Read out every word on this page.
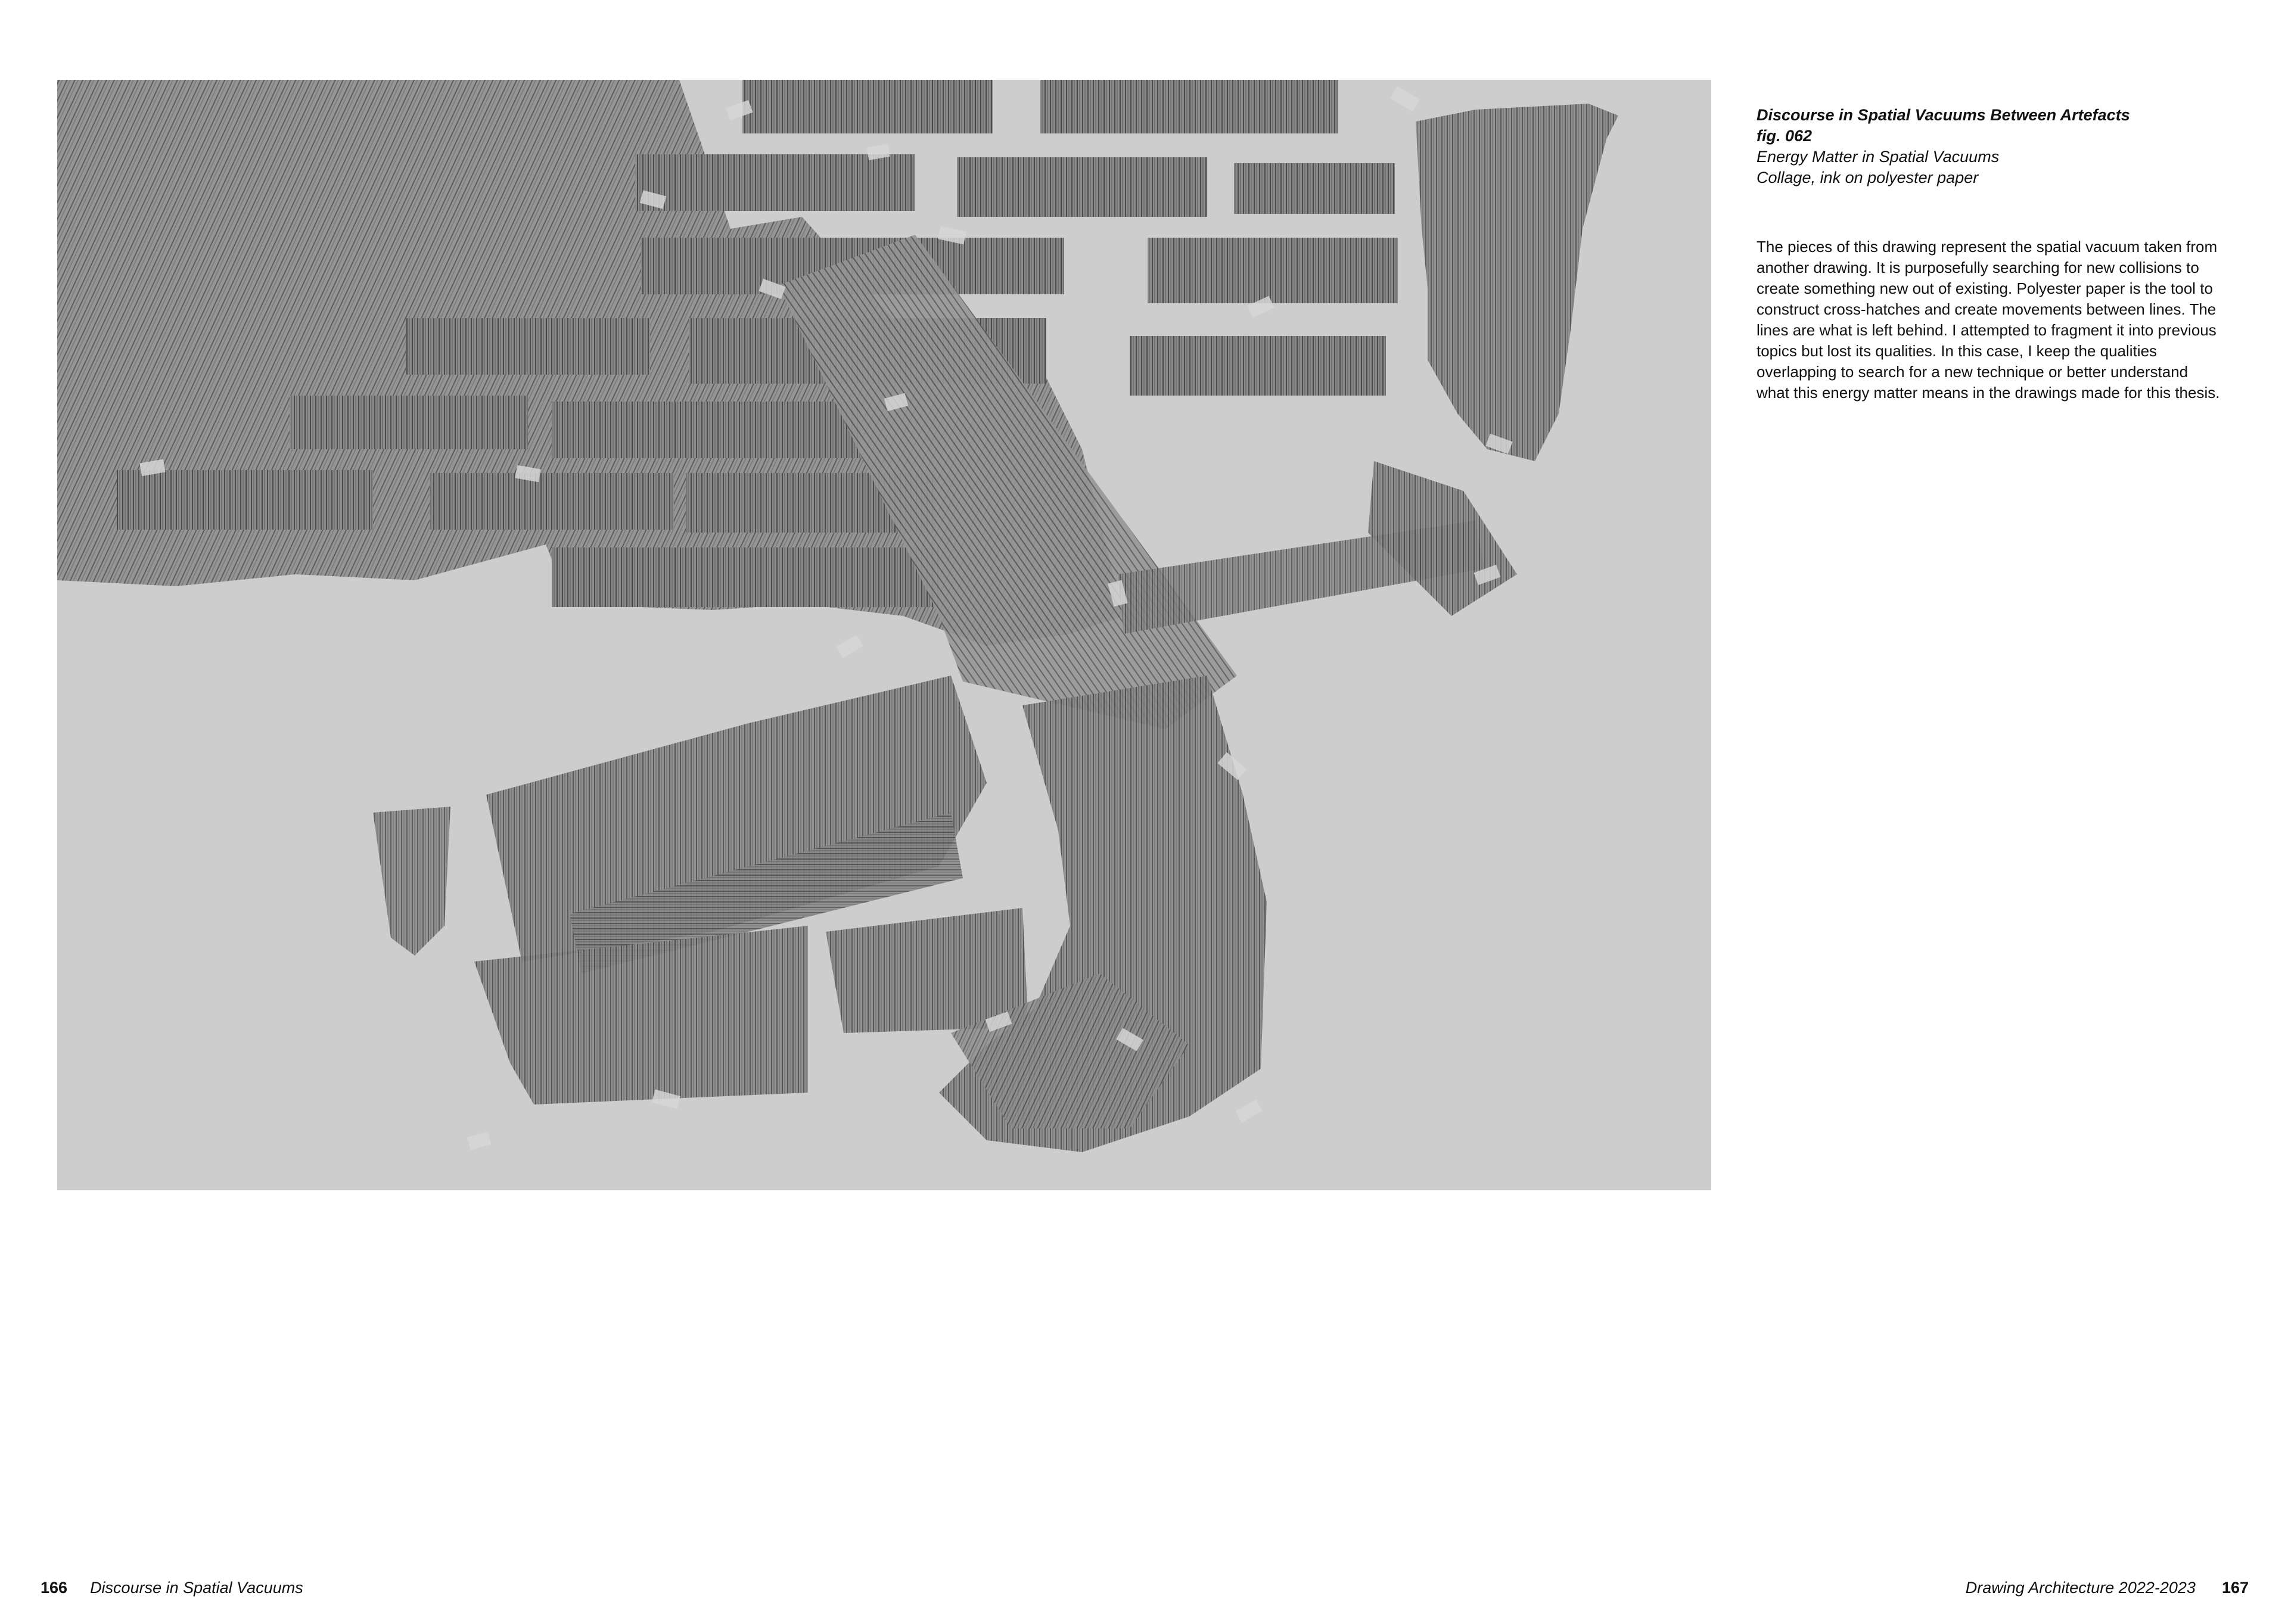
Discourse in Spatial Vacuums Between Artefacts

fig. 062

Energy Matter in Spatial Vacuums

Collage, ink on polyester paper

The pieces of this drawing represent the spatial vacuum taken from another drawing. It is purposefully searching for new collisions to create something new out of existing. Polyester paper is the tool to construct cross-hatches and create movements between lines. The lines are what is left behind. I attempted to fragment it into previous topics but lost its qualities. In this case, I keep the qualities overlapping to search for a new technique or better understand what this energy matter means in the drawings made for this thesis.

166 Discourse in Spatial Vacuums	Drawing Architecture 2022-2023 167
